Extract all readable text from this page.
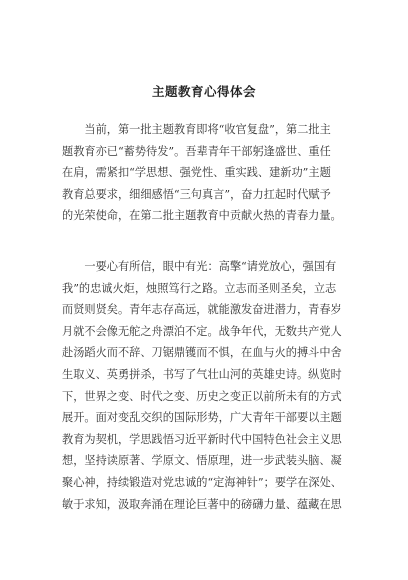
主题教育心得体会
　　当前，第一批主题教育即将“收官复盘”，第二批主
题教育亦已“蓄势待发”。吾辈青年干部躬逢盛世、重任
在肩，需紧扣“学思想、强党性、重实践、建新功”主题
教育总要求，细细感悟“三句真言”，奋力扛起时代赋予
的光荣使命，在第二批主题教育中贡献火热的青春力量。
　　一要心有所信，眼中有光：高擎“请党放心，强国有
我”的忠诚火炬，烛照笃行之路。立志而圣则圣矣，立志
而贤则贤矣。青年志存高远，就能激发奋进潜力，青春岁
月就不会像无舵之舟漂泊不定。战争年代，无数共产党人
赴汤蹈火而不辞、刀锯鼎镬而不惧，在血与火的搏斗中舍
生取义、英勇拼杀，书写了气壮山河的英雄史诗。纵览时
下，世界之变、时代之变、历史之变正以前所未有的方式
展开。面对变乱交织的国际形势，广大青年干部要以主题
教育为契机，学思践悟习近平新时代中国特色社会主义思
想，坚持读原著、学原文、悟原理，进一步武装头脑、凝
聚心神，持续锻造对党忠诚的“定海神针”；要学在深处、
敏于求知，汲取奔涌在理论巨著中的磅礴力量、蕴藏在思
